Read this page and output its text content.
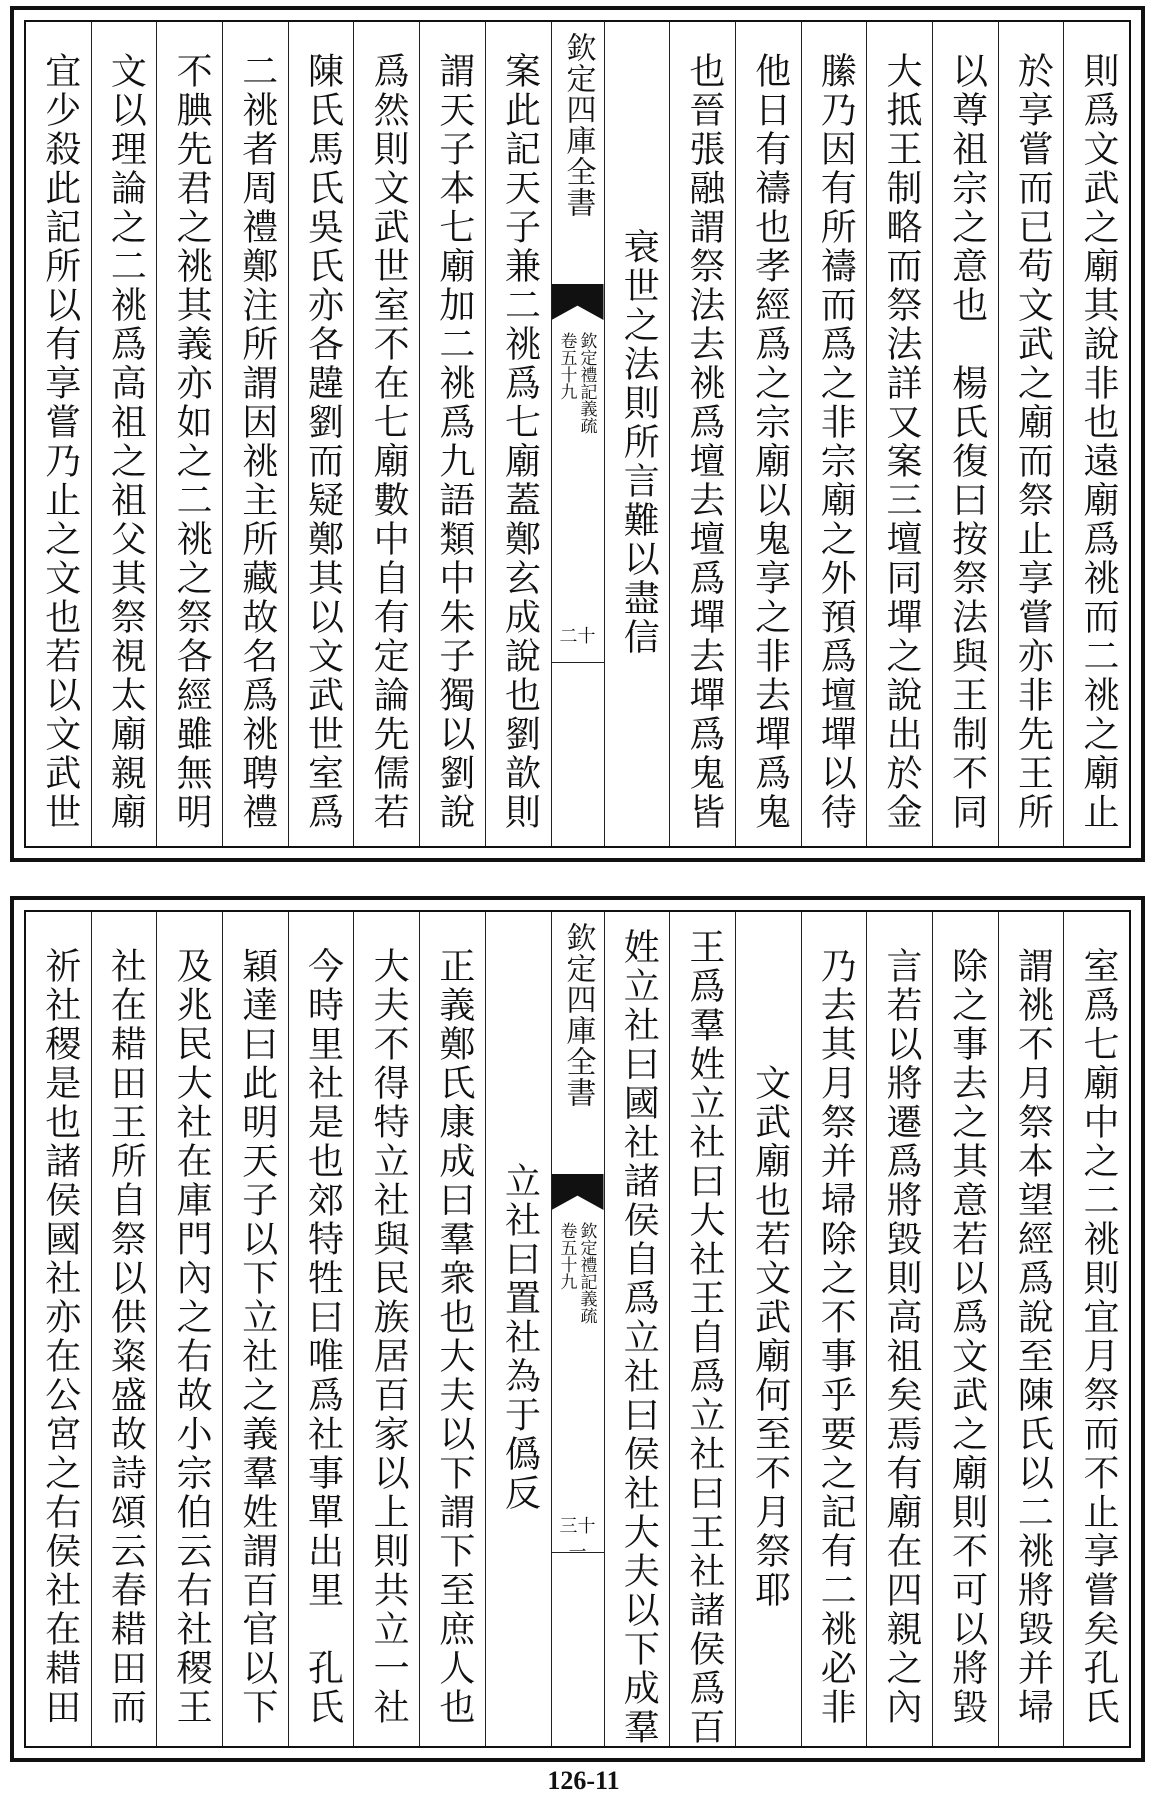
則爲文武之廟其說非也遠廟爲祧而二祧之廟止
於享嘗而已苟文武之廟而祭止享嘗亦非先王所
以尊祖宗之意也　楊氏復曰按祭法與王制不同
大抵王制略而祭法詳又案三壇同墠之說出於金
縢乃因有所禱而爲之非宗廟之外預爲壇墠以待
他日有禱也孝經爲之宗廟以鬼享之非去墠爲鬼
也晉張融謂祭法去祧爲壇去壇爲墠去墠爲鬼皆
衰世之法則所言難以盡信
欽定四庫全書
欽定禮記義疏
卷五十九
二十
案此記天子兼二祧爲七廟蓋鄭玄成說也劉歆則
謂天子本七廟加二祧爲九語類中朱子獨以劉說
爲然則文武世室不在七廟數中自有定論先儒若
陳氏馬氏吳氏亦各韙劉而疑鄭其以文武世室爲
二祧者周禮鄭注所謂因祧主所藏故名爲祧聘禮
不腆先君之祧其義亦如之二祧之祭各經雖無明
文以理論之二祧爲高祖之祖父其祭視太廟親廟
宜少殺此記所以有享嘗乃止之文也若以文武世
室爲七廟中之二祧則宜月祭而不止享嘗矣孔氏
謂祧不月祭本望經爲說至陳氏以二祧將毀并埽
除之事去之其意若以爲文武之廟則不可以將毀
言若以將遷爲將毀則高祖矣焉有廟在四親之內
乃去其月祭并埽除之不事乎要之記有二祧必非
文武廟也若文武廟何至不月祭耶
王爲羣姓立社曰大社王自爲立社曰王社諸侯爲百
姓立社曰國社諸侯自爲立社曰侯社大夫以下成羣
欽定四庫全書
欽定禮記義疏
卷五十九
三十一
立社曰置社為于僞反
正義鄭氏康成曰羣衆也大夫以下謂下至庶人也
大夫不得特立社與民族居百家以上則共立一社
今時里社是也郊特牲曰唯爲社事單出里　孔氏
穎達曰此明天子以下立社之義羣姓謂百官以下
及兆民大社在庫門內之右故小宗伯云右社稷王
社在耤田王所自祭以供粢盛故詩頌云春耤田而
祈社稷是也諸侯國社亦在公宮之右侯社在耤田
126-11
